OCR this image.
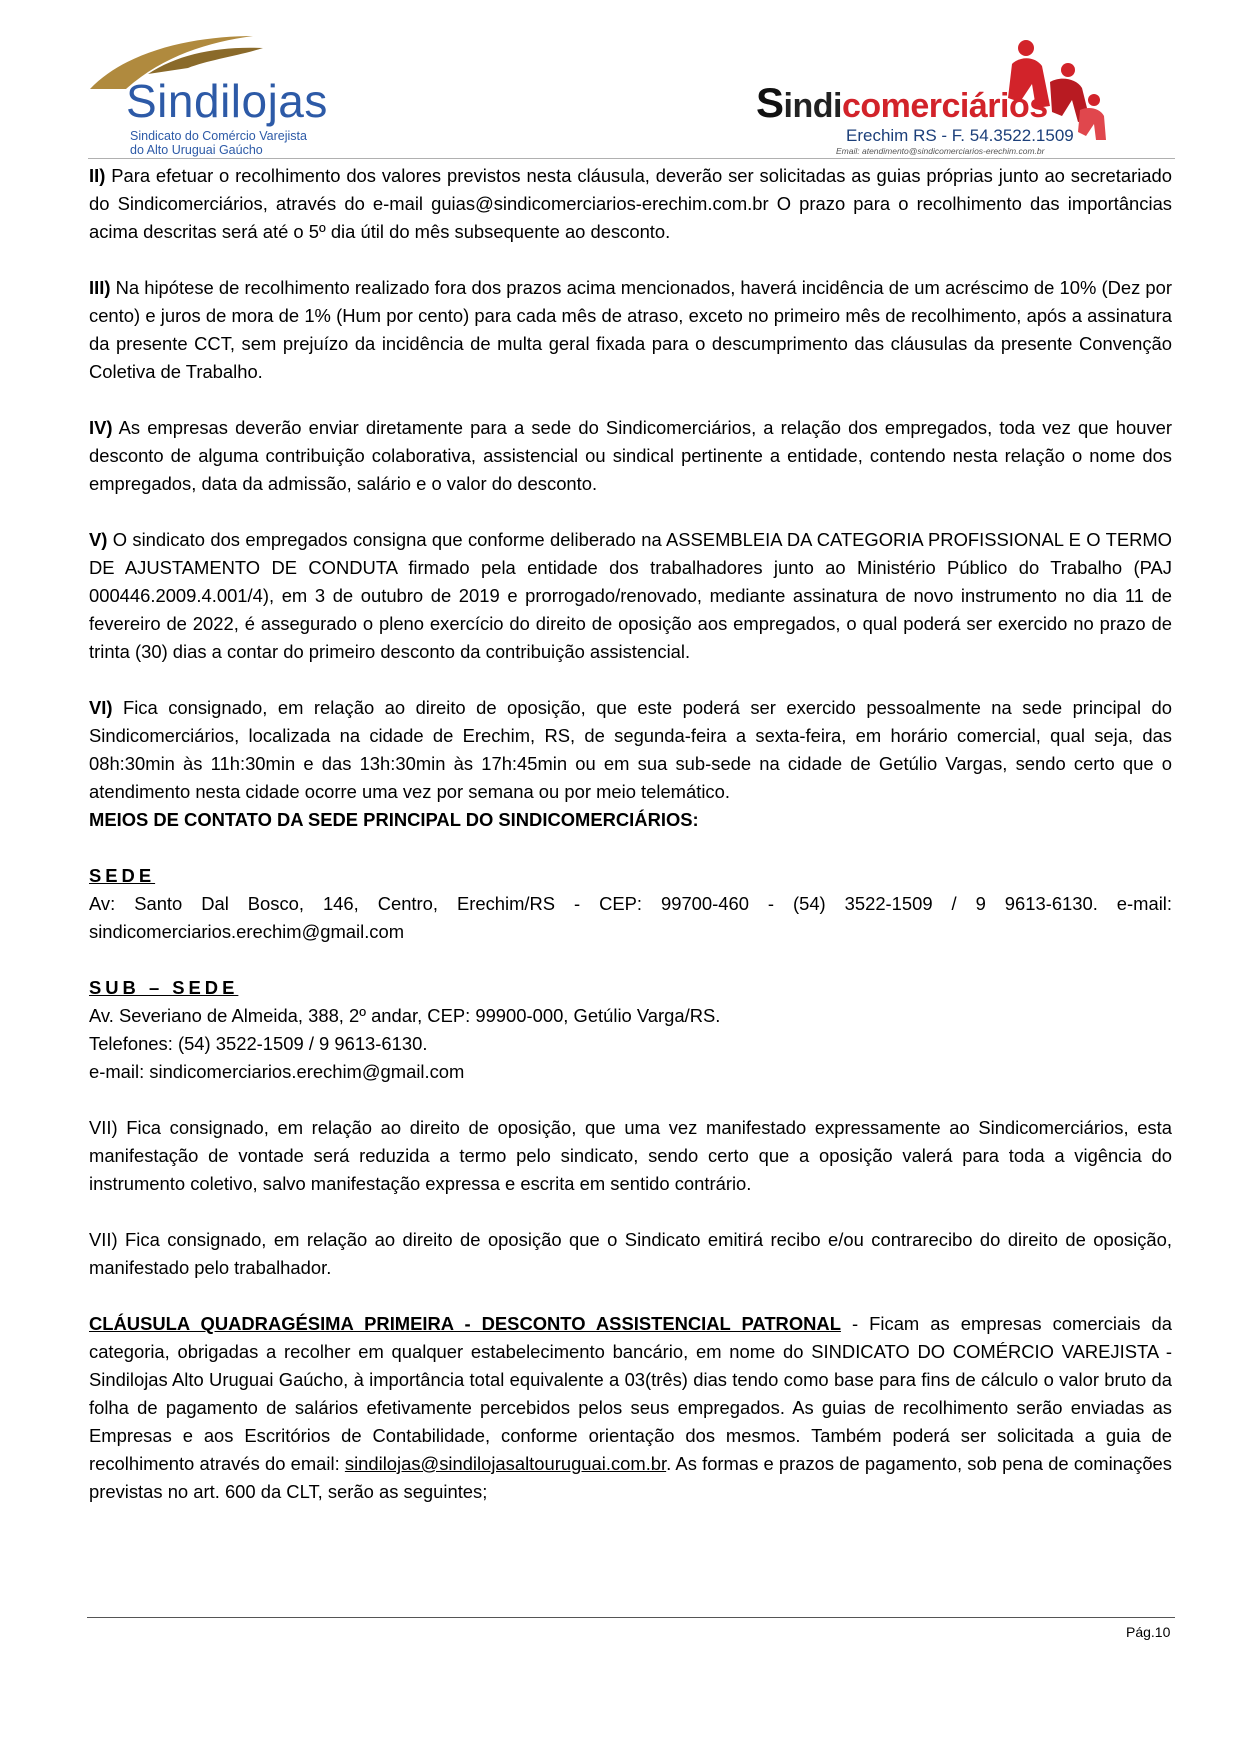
Sindilojas
Sindicato do Comércio Varejista
do Alto Uruguai Gaúcho
Sindicomerciários
Erechim RS - F. 54.3522.1509
Email: atendimento@sindicomerciarios-erechim.com.br

II) Para efetuar o recolhimento dos valores previstos nesta cláusula, deverão ser solicitadas as guias próprias junto ao secretariado do Sindicomerciários, através do e-mail guias@sindicomerciarios-erechim.com.br O prazo para o recolhimento das importâncias acima descritas será até o 5º dia útil do mês subsequente ao desconto.

III) Na hipótese de recolhimento realizado fora dos prazos acima mencionados, haverá incidência de um acréscimo de 10% (Dez por cento) e juros de mora de 1% (Hum por cento) para cada mês de atraso, exceto no primeiro mês de recolhimento, após a assinatura da presente CCT, sem prejuízo da incidência de multa geral fixada para o descumprimento das cláusulas da presente Convenção Coletiva de Trabalho.

IV) As empresas deverão enviar diretamente para a sede do Sindicomerciários, a relação dos empregados, toda vez que houver desconto de alguma contribuição colaborativa, assistencial ou sindical pertinente a entidade, contendo nesta relação o nome dos empregados, data da admissão, salário e o valor do desconto.

V) O sindicato dos empregados consigna que conforme deliberado na ASSEMBLEIA DA CATEGORIA PROFISSIONAL E O TERMO DE AJUSTAMENTO DE CONDUTA firmado pela entidade dos trabalhadores junto ao Ministério Público do Trabalho (PAJ 000446.2009.4.001/4), em 3 de outubro de 2019 e prorrogado/renovado, mediante assinatura de novo instrumento no dia 11 de fevereiro de 2022, é assegurado o pleno exercício do direito de oposição aos empregados, o qual poderá ser exercido no prazo de trinta (30) dias a contar do primeiro desconto da contribuição assistencial.

VI) Fica consignado, em relação ao direito de oposição, que este poderá ser exercido pessoalmente na sede principal do Sindicomerciários, localizada na cidade de Erechim, RS, de segunda-feira a sexta-feira, em horário comercial, qual seja, das 08h:30min às 11h:30min e das 13h:30min às 17h:45min ou em sua sub-sede na cidade de Getúlio Vargas, sendo certo que o atendimento nesta cidade ocorre uma vez por semana ou por meio telemático.

MEIOS DE CONTATO DA SEDE PRINCIPAL DO SINDICOMERCIÁRIOS:

SEDE

Av: Santo Dal Bosco, 146, Centro, Erechim/RS - CEP: 99700-460 - (54) 3522-1509 / 9 9613-6130. e-mail: sindicomerciarios.erechim@gmail.com

SUB – SEDE

Av. Severiano de Almeida, 388, 2º andar, CEP: 99900-000, Getúlio Varga/RS.

Telefones: (54) 3522-1509 / 9 9613-6130.

e-mail: sindicomerciarios.erechim@gmail.com

VII) Fica consignado, em relação ao direito de oposição, que uma vez manifestado expressamente ao Sindicomerciários, esta manifestação de vontade será reduzida a termo pelo sindicato, sendo certo que a oposição valerá para toda a vigência do instrumento coletivo, salvo manifestação expressa e escrita em sentido contrário.

VII) Fica consignado, em relação ao direito de oposição que o Sindicato emitirá recibo e/ou contrarecibo do direito de oposição, manifestado pelo trabalhador.

CLÁUSULA QUADRAGÉSIMA PRIMEIRA - DESCONTO ASSISTENCIAL PATRONAL - Ficam as empresas comerciais da categoria, obrigadas a recolher em qualquer estabelecimento bancário, em nome do SINDICATO DO COMÉRCIO VAREJISTA - Sindilojas Alto Uruguai Gaúcho, à importância total equivalente a 03(três) dias tendo como base para fins de cálculo o valor bruto da folha de pagamento de salários efetivamente percebidos pelos seus empregados. As guias de recolhimento serão enviadas as Empresas e aos Escritórios de Contabilidade, conforme orientação dos mesmos. Também poderá ser solicitada a guia de recolhimento através do email: sindilojas@sindilojasaltouruguai.com.br. As formas e prazos de pagamento, sob pena de cominações previstas no art. 600 da CLT, serão as seguintes;

Pág.10
